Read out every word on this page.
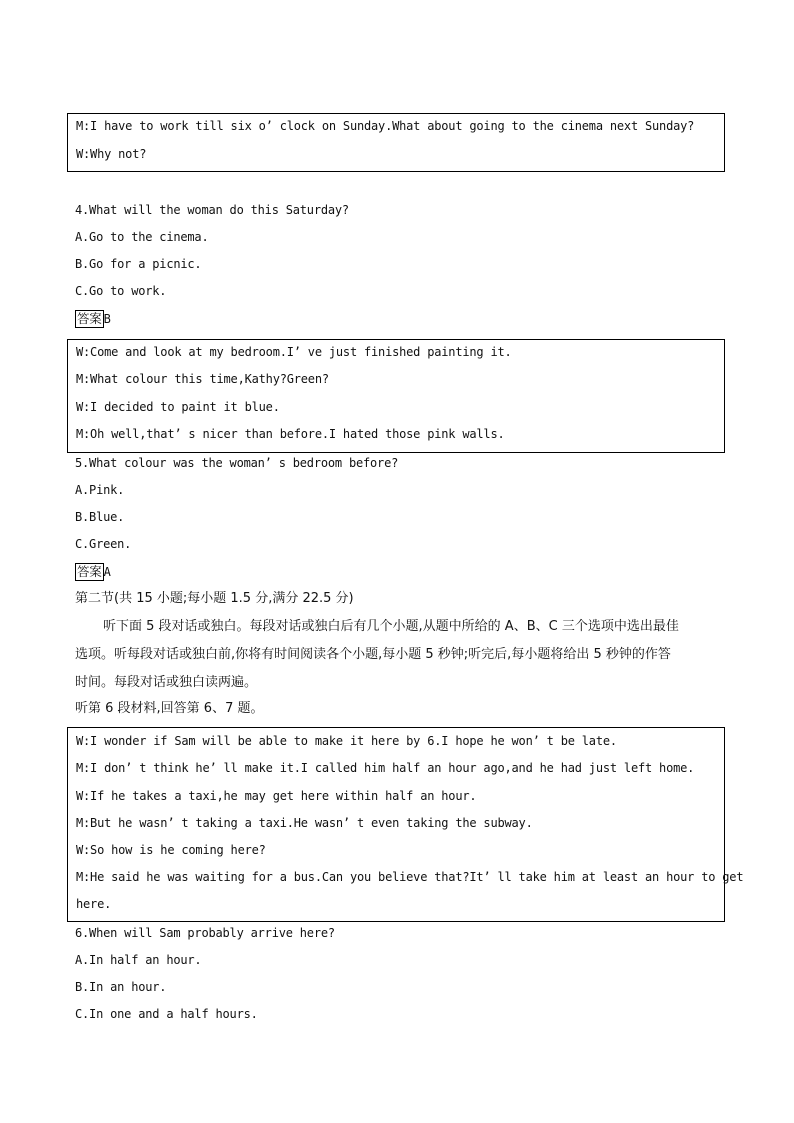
M:I have to work till six o’ clock on Sunday.What about going to the cinema next Sunday?
W:Why not?
4.What will the woman do this Saturday?
A.Go to the cinema.
B.Go for a picnic.
C.Go to work.
答案 B
W:Come and look at my bedroom.I’ ve just finished painting it.
M:What colour this time,Kathy?Green?
W:I decided to paint it blue.
M:Oh well,that’ s nicer than before.I hated those pink walls.
5.What colour was the woman’ s bedroom before?
A.Pink.
B.Blue.
C.Green.
答案 A
第二节(共 15 小题;每小题 1.5 分,满分 22.5 分)
听下面 5 段对话或独白。每段对话或独白后有几个小题,从题中所给的 A、B、C 三个选项中选出最佳
选项。听每段对话或独白前,你将有时间阅读各个小题,每小题 5 秒钟;听完后,每小题将给出 5 秒钟的作答
时间。每段对话或独白读两遍。
听第 6 段材料,回答第 6、7 题。
W:I wonder if Sam will be able to make it here by 6.I hope he won’ t be late.
M:I don’ t think he’ ll make it.I called him half an hour ago,and he had just left home.
W:If he takes a taxi,he may get here within half an hour.
M:But he wasn’ t taking a taxi.He wasn’ t even taking the subway.
W:So how is he coming here?
M:He said he was waiting for a bus.Can you believe that?It’ ll take him at least an hour to get
here.
6.When will Sam probably arrive here?
A.In half an hour.
B.In an hour.
C.In one and a half hours.
